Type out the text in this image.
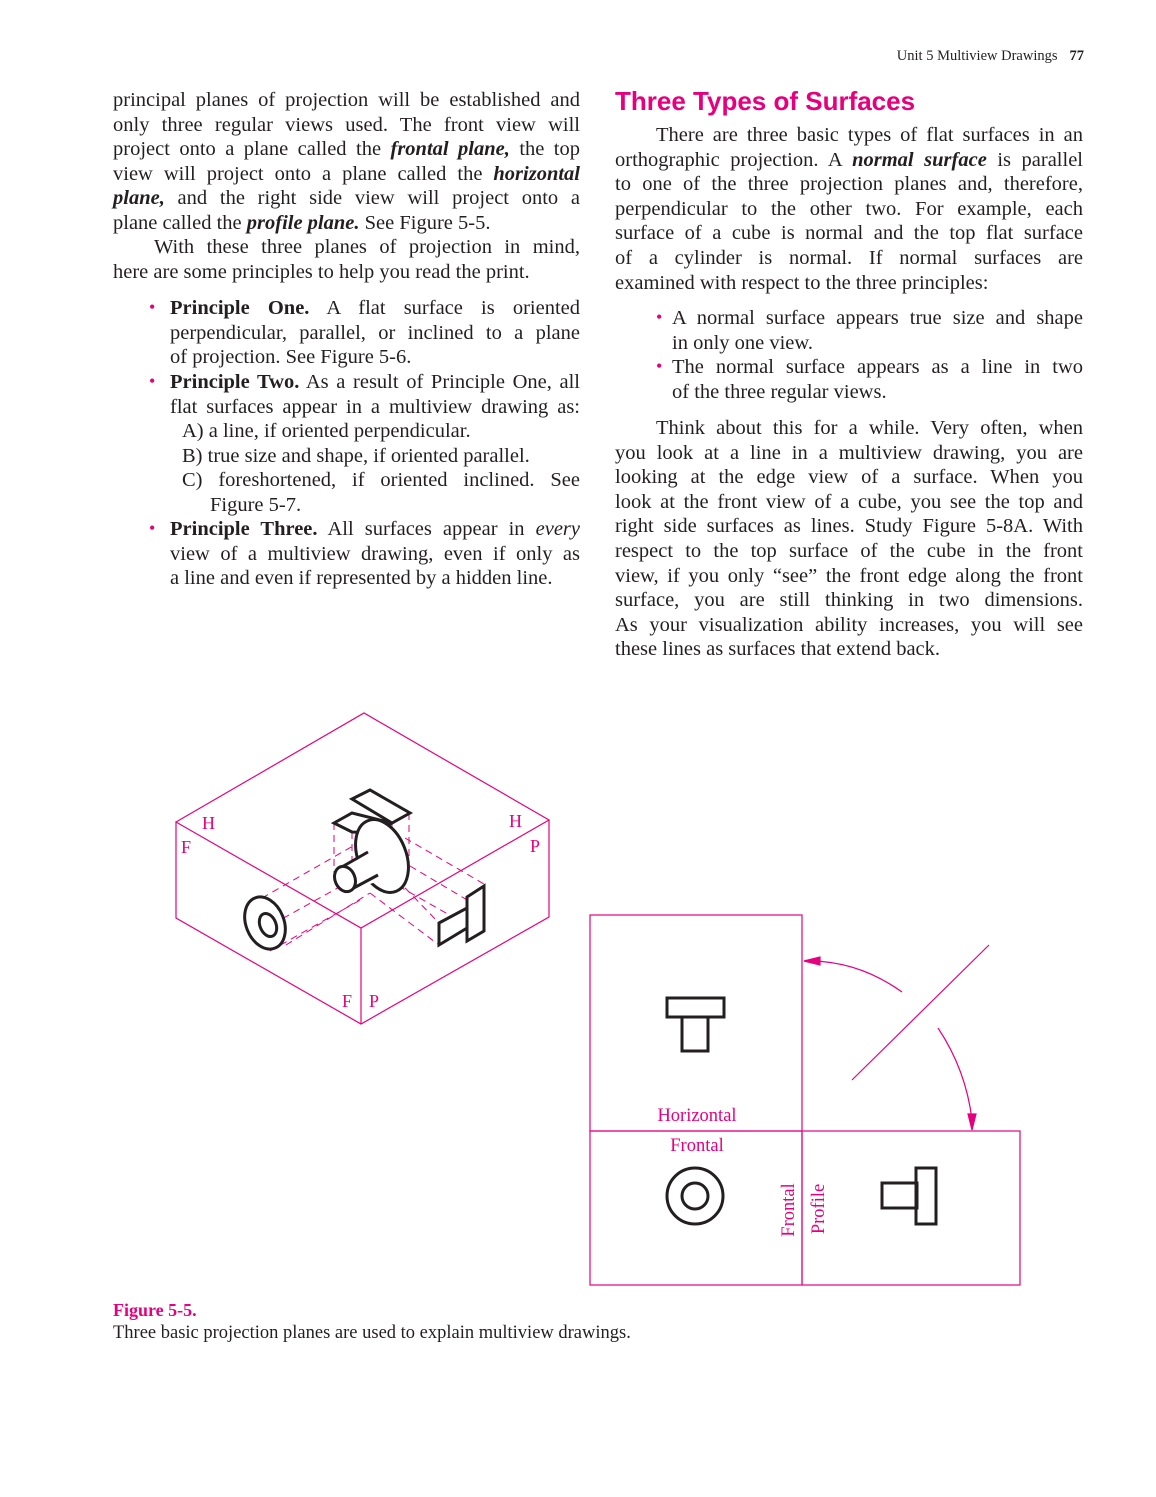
Unit 5 Multiview Drawings 77
principal planes of projection will be established and
only three regular views used. The front view will
project onto a plane called the frontal plane, the top
view will project onto a plane called the horizontal
plane, and the right side view will project onto a
plane called the profile plane. See Figure 5-5.
With these three planes of projection in mind,
here are some principles to help you read the print.
• Principle One. A flat surface is oriented
perpendicular, parallel, or inclined to a plane
of projection. See Figure 5-6.
• Principle Two. As a result of Principle One, all
flat surfaces appear in a multiview drawing as:
A) a line, if oriented perpendicular.
B) true size and shape, if oriented parallel.
C) foreshortened, if oriented inclined. See
Figure 5-7.
• Principle Three. All surfaces appear in every
view of a multiview drawing, even if only as
a line and even if represented by a hidden line.
Three Types of Surfaces
There are three basic types of flat surfaces in an
orthographic projection. A normal surface is parallel
to one of the three projection planes and, therefore,
perpendicular to the other two. For example, each
surface of a cube is normal and the top flat surface
of a cylinder is normal. If normal surfaces are
examined with respect to the three principles:
• A normal surface appears true size and shape
in only one view.
• The normal surface appears as a line in two
of the three regular views.
Think about this for a while. Very often, when
you look at a line in a multiview drawing, you are
looking at the edge view of a surface. When you
look at the front view of a cube, you see the top and
right side surfaces as lines. Study Figure 5-8A. With
respect to the top surface of the cube in the front
view, if you only “see” the front edge along the front
surface, you are still thinking in two dimensions.
As your visualization ability increases, you will see
these lines as surfaces that extend back.
H
F
H
P
F P
Horizontal
Frontal
Frontal Profile
Figure 5-5.
Three basic projection planes are used to explain multiview drawings.
